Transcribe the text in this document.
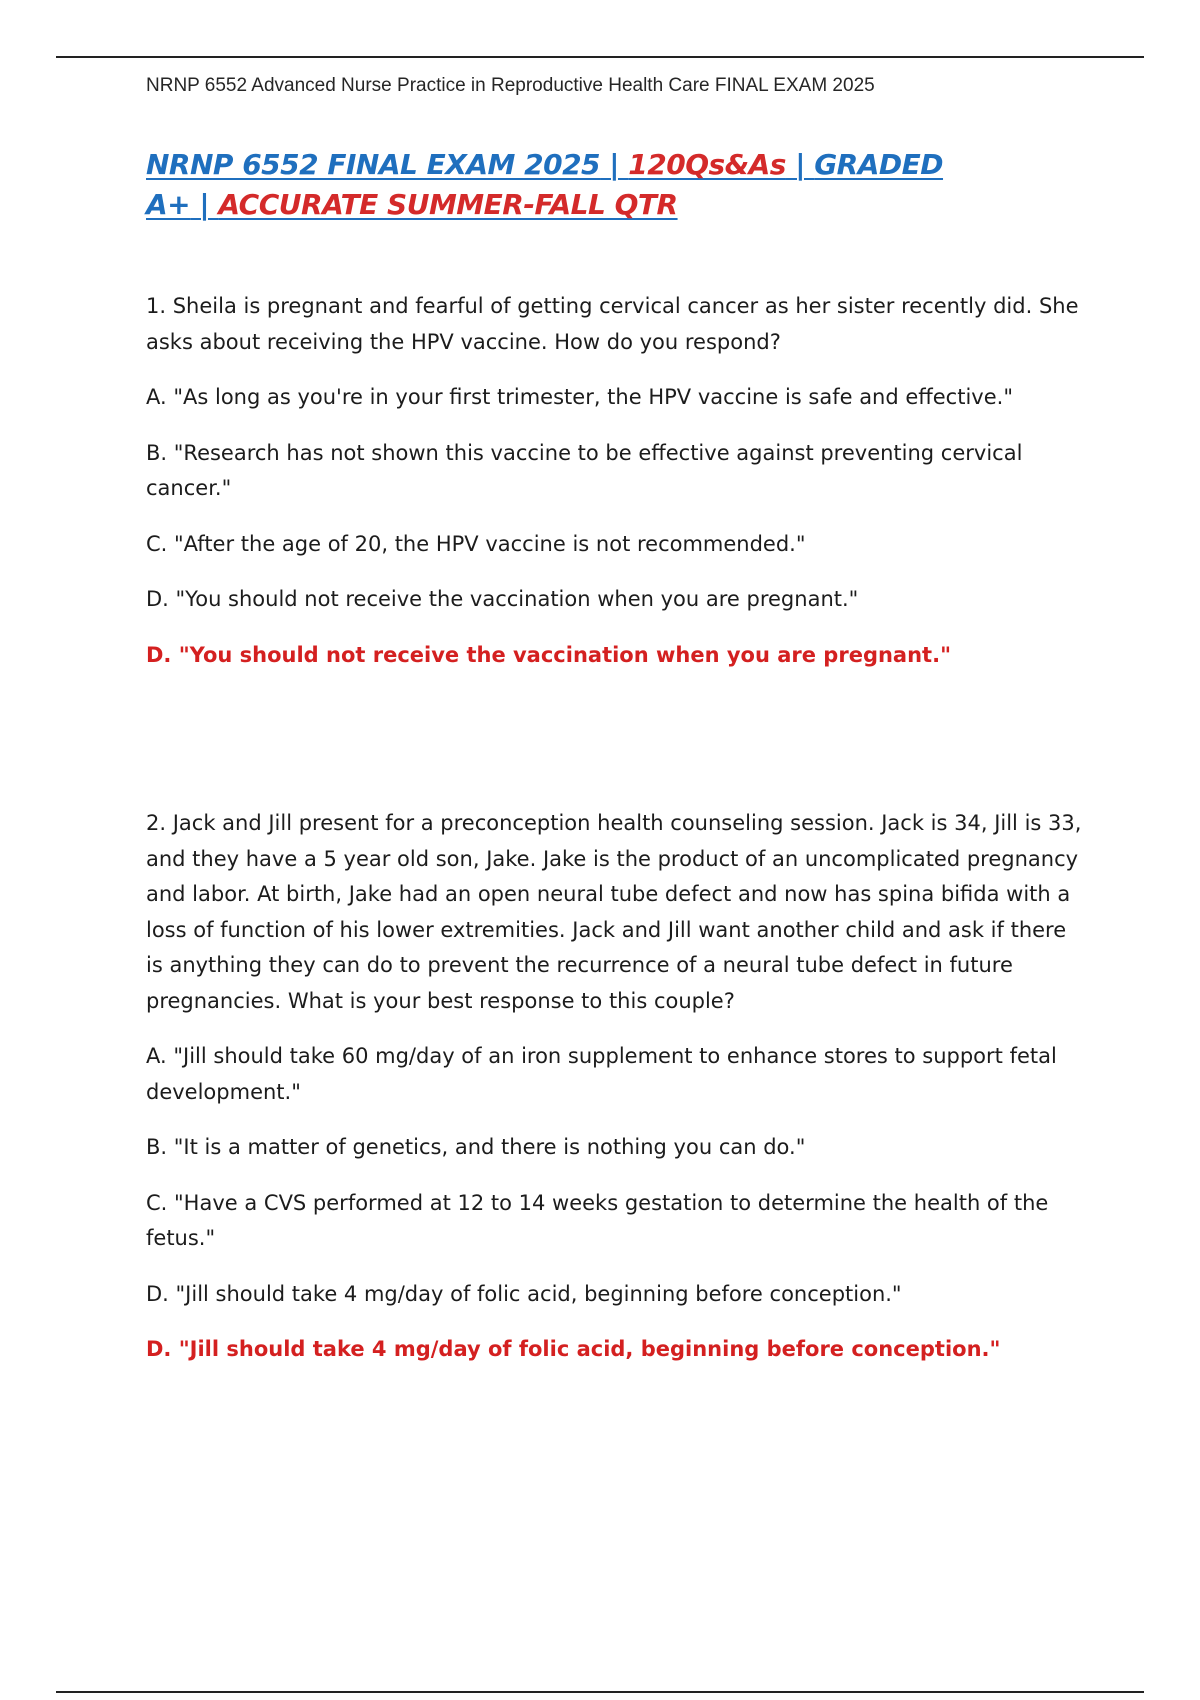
NRNP 6552 Advanced Nurse Practice in Reproductive Health Care FINAL EXAM 2025
NRNP 6552 FINAL EXAM 2025 | 120Qs&As | GRADED
A+ | ACCURATE SUMMER-FALL QTR

1. Sheila is pregnant and fearful of getting cervical cancer as her sister recently did. She asks about receiving the HPV vaccine. How do you respond?

A. "As long as you're in your first trimester, the HPV vaccine is safe and effective."

B. "Research has not shown this vaccine to be effective against preventing cervical cancer."

C. "After the age of 20, the HPV vaccine is not recommended."

D. "You should not receive the vaccination when you are pregnant."

D. "You should not receive the vaccination when you are pregnant."

2. Jack and Jill present for a preconception health counseling session. Jack is 34, Jill is 33, and they have a 5 year old son, Jake. Jake is the product of an uncomplicated pregnancy and labor. At birth, Jake had an open neural tube defect and now has spina bifida with a loss of function of his lower extremities. Jack and Jill want another child and ask if there is anything they can do to prevent the recurrence of a neural tube defect in future pregnancies. What is your best response to this couple?

A. "Jill should take 60 mg/day of an iron supplement to enhance stores to support fetal development."

B. "It is a matter of genetics, and there is nothing you can do."

C. "Have a CVS performed at 12 to 14 weeks gestation to determine the health of the fetus."

D. "Jill should take 4 mg/day of folic acid, beginning before conception."

D. "Jill should take 4 mg/day of folic acid, beginning before conception."
